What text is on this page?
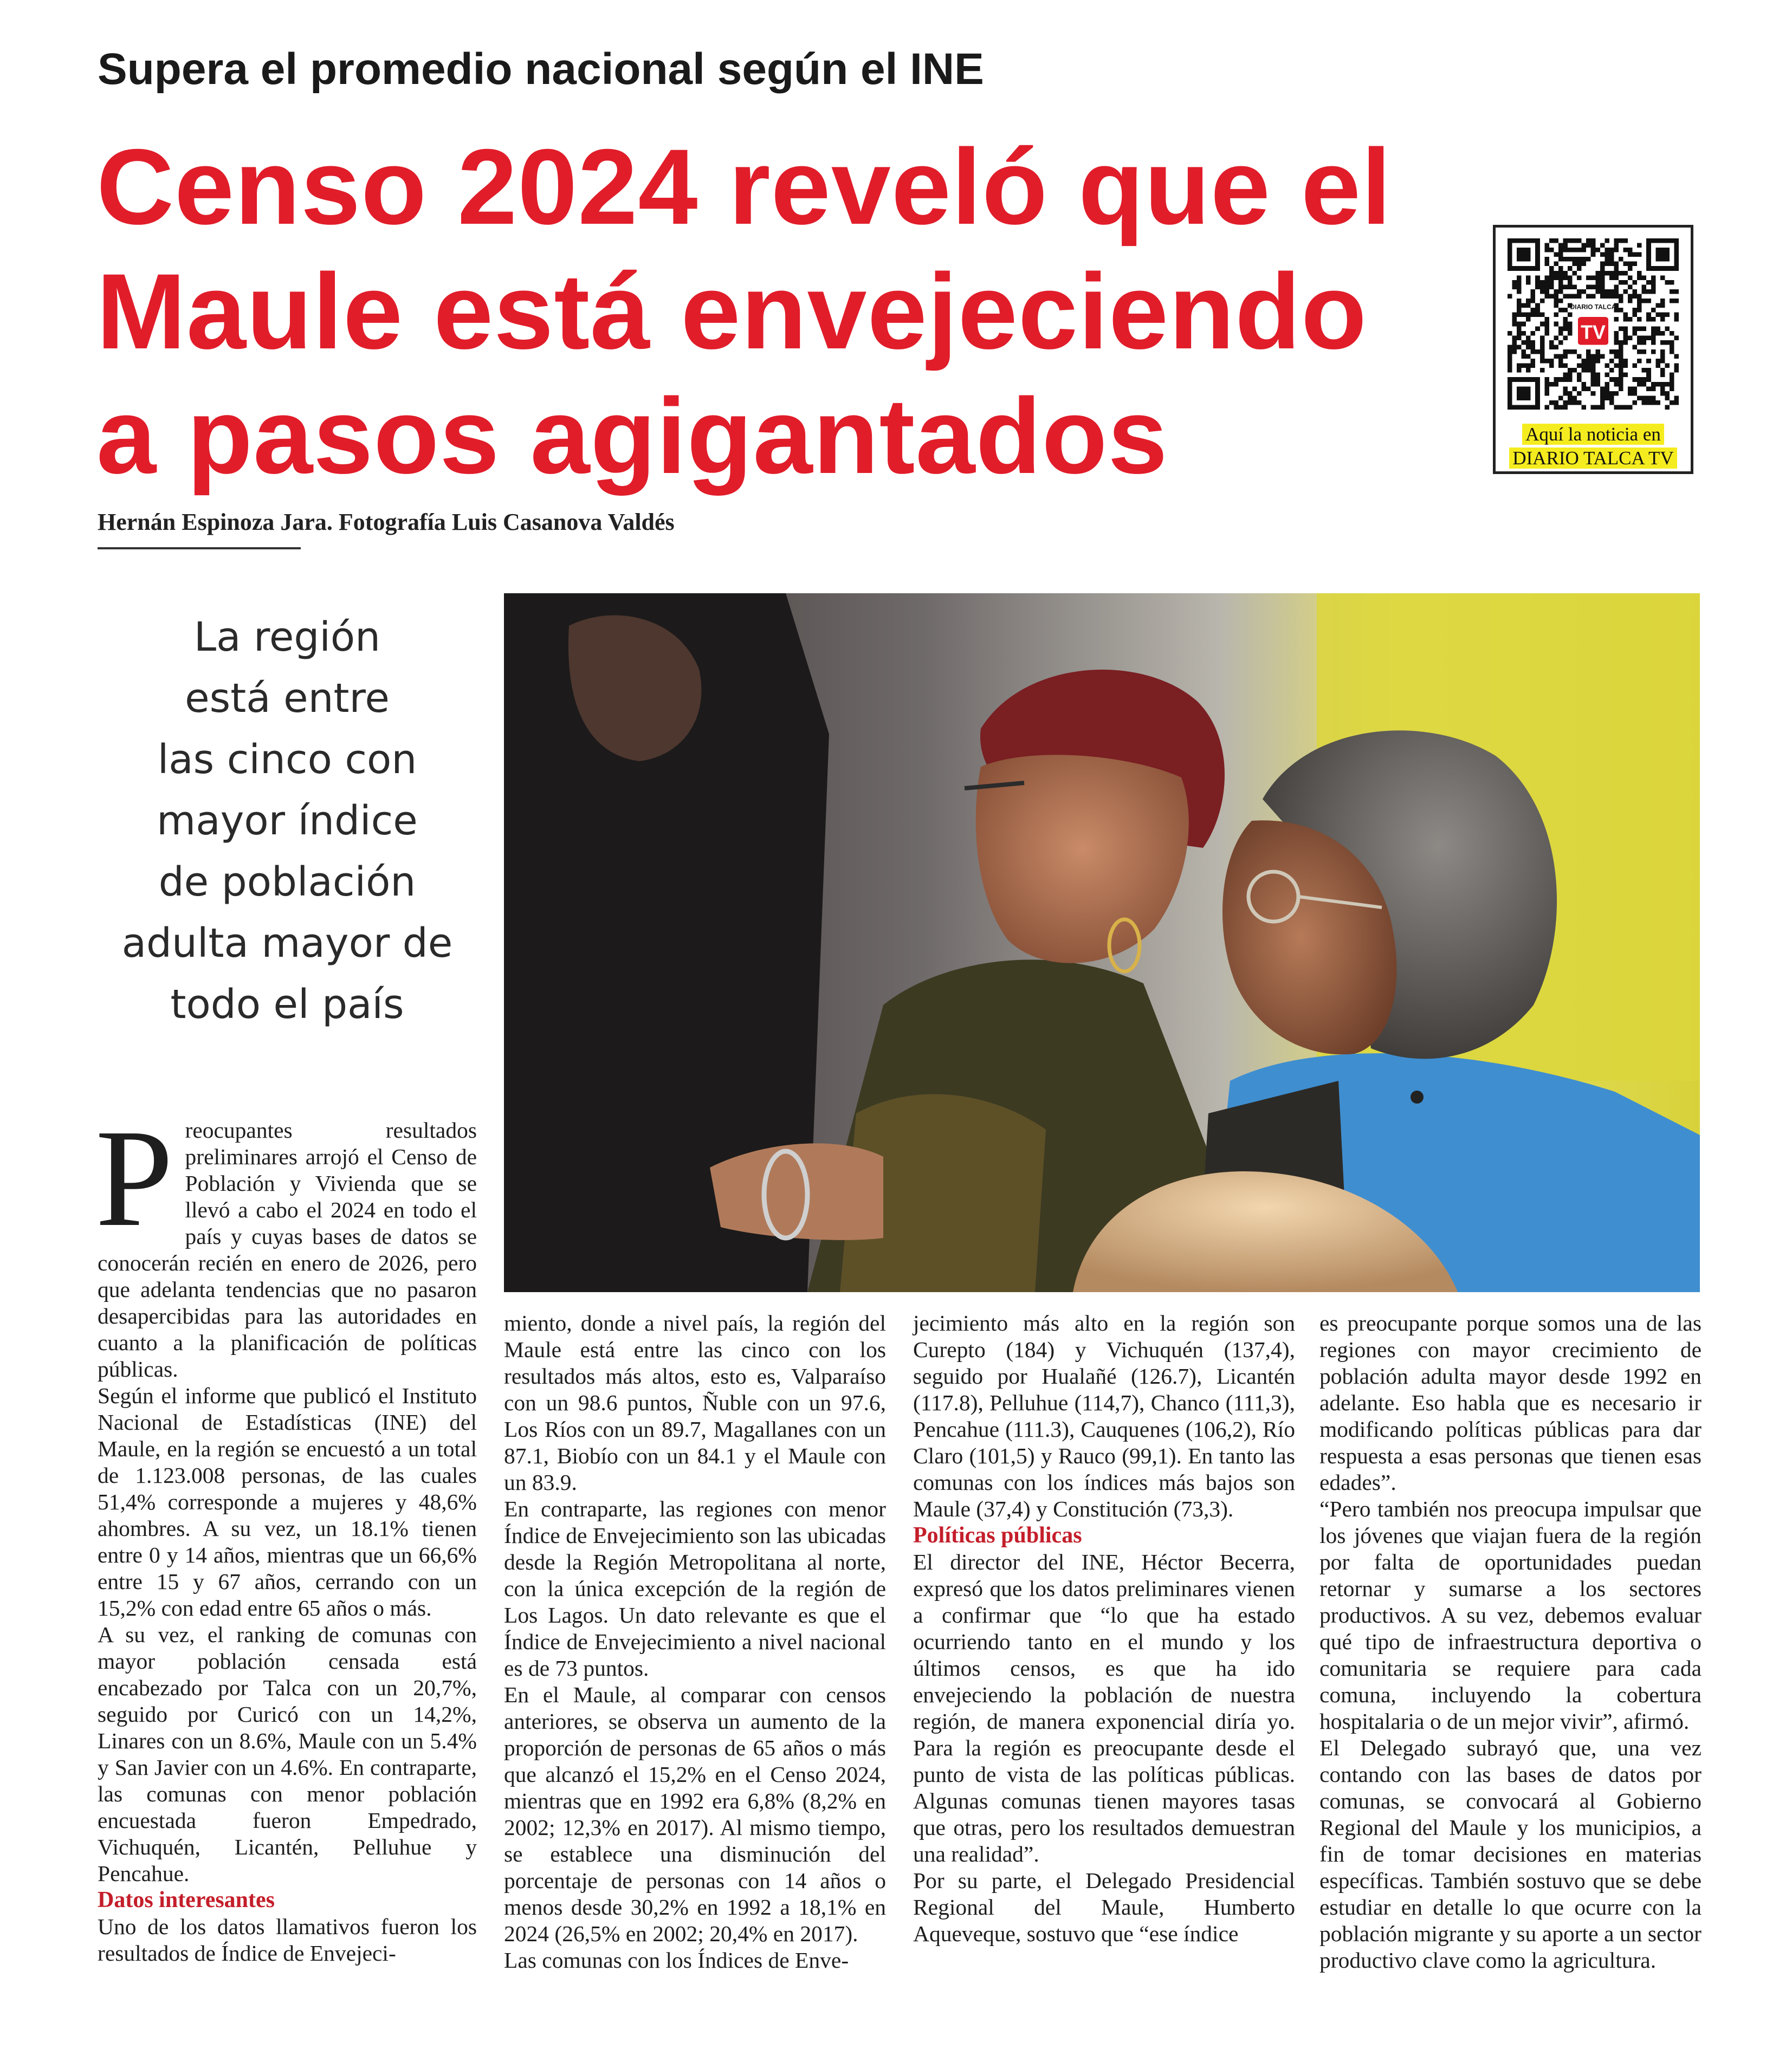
Supera el promedio nacional según el INE
Censo 2024 reveló que el
Maule está envejeciendo
a pasos agigantados
DIARIO TALCA
TV
Aquí la noticia en
DIARIO TALCA TV
Hernán Espinoza Jara. Fotografía Luis Casanova Valdés
La región
está entre
las cinco con
mayor índice
de población
adulta mayor de
todo el país

Preocupantes resultados preliminares arrojó el Censo de Población y Vivienda que se llevó a cabo el 2024 en todo el país y cuyas bases de datos se conocerán recién en enero de 2026, pero que adelanta tendencias que no pasaron desapercibidas para las autoridades en cuanto a la planificación de políticas públicas.

Según el informe que publicó el Instituto Nacional de Estadísticas (INE) del Maule, en la región se encuestó a un total de 1.123.008 personas, de las cuales 51,4% corresponde a mujeres y 48,6% ahombres. A su vez, un 18.1% tienen entre 0 y 14 años, mientras que un 66,6% entre 15 y 67 años, cerrando con un 15,2% con edad entre 65 años o más.

A su vez, el ranking de comunas con mayor población censada está encabezado por Talca con un 20,7%, seguido por Curicó con un 14,2%, Linares con un 8.6%, Maule con un 5.4% y San Javier con un 4.6%. En contraparte, las comunas con menor población encuestada fueron Empedrado, Vichuquén, Licantén, Pelluhue y Pencahue.

Datos interesantes

Uno de los datos llamativos fueron los resultados de Índice de Envejeci-

miento, donde a nivel país, la región del Maule está entre las cinco con los resultados más altos, esto es, Valparaíso con un 98.6 puntos, Ñuble con un 97.6, Los Ríos con un 89.7, Magallanes con un 87.1, Biobío con un 84.1 y el Maule con un 83.9.

En contraparte, las regiones con menor Índice de Envejecimiento son las ubicadas desde la Región Metropolitana al norte, con la única excepción de la región de Los Lagos. Un dato relevante es que el Índice de Envejecimiento a nivel nacional es de 73 puntos.

En el Maule, al comparar con censos anteriores, se observa un aumento de la proporción de personas de 65 años o más que alcanzó el 15,2% en el Censo 2024, mientras que en 1992 era 6,8% (8,2% en 2002; 12,3% en 2017). Al mismo tiempo, se establece una disminución del porcentaje de personas con 14 años o menos desde 30,2% en 1992 a 18,1% en 2024 (26,5% en 2002; 20,4% en 2017).

Las comunas con los Índices de Enve-

jecimiento más alto en la región son Curepto (184) y Vichuquén (137,4), seguido por Hualañé (126.7), Licantén (117.8), Pelluhue (114,7), Chanco (111,3), Pencahue (111.3), Cauquenes (106,2), Río Claro (101,5) y Rauco (99,1). En tanto las comunas con los índices más bajos son Maule (37,4) y Constitución (73,3).

Políticas públicas

El director del INE, Héctor Becerra, expresó que los datos preliminares vienen a confirmar que “lo que ha estado ocurriendo tanto en el mundo y los últimos censos, es que ha ido envejeciendo la población de nuestra región, de manera exponencial diría yo. Para la región es preocupante desde el punto de vista de las políticas públicas. Algunas comunas tienen mayores tasas que otras, pero los resultados demuestran una realidad”.

Por su parte, el Delegado Presidencial Regional del Maule, Humberto Aqueveque, sostuvo que “ese índice

es preocupante porque somos una de las regiones con mayor crecimiento de población adulta mayor desde 1992 en adelante. Eso habla que es necesario ir modificando políticas públicas para dar respuesta a esas personas que tienen esas edades”.

“Pero también nos preocupa impulsar que los jóvenes que viajan fuera de la región por falta de oportunidades puedan retornar y sumarse a los sectores productivos. A su vez, debemos evaluar qué tipo de infraestructura deportiva o comunitaria se requiere para cada comuna, incluyendo la cobertura hospitalaria o de un mejor vivir”, afirmó.

El Delegado subrayó que, una vez contando con las bases de datos por comunas, se convocará al Gobierno Regional del Maule y los municipios, a fin de tomar decisiones en materias específicas. También sostuvo que se debe estudiar en detalle lo que ocurre con la población migrante y su aporte a un sector productivo clave como la agricultura.
